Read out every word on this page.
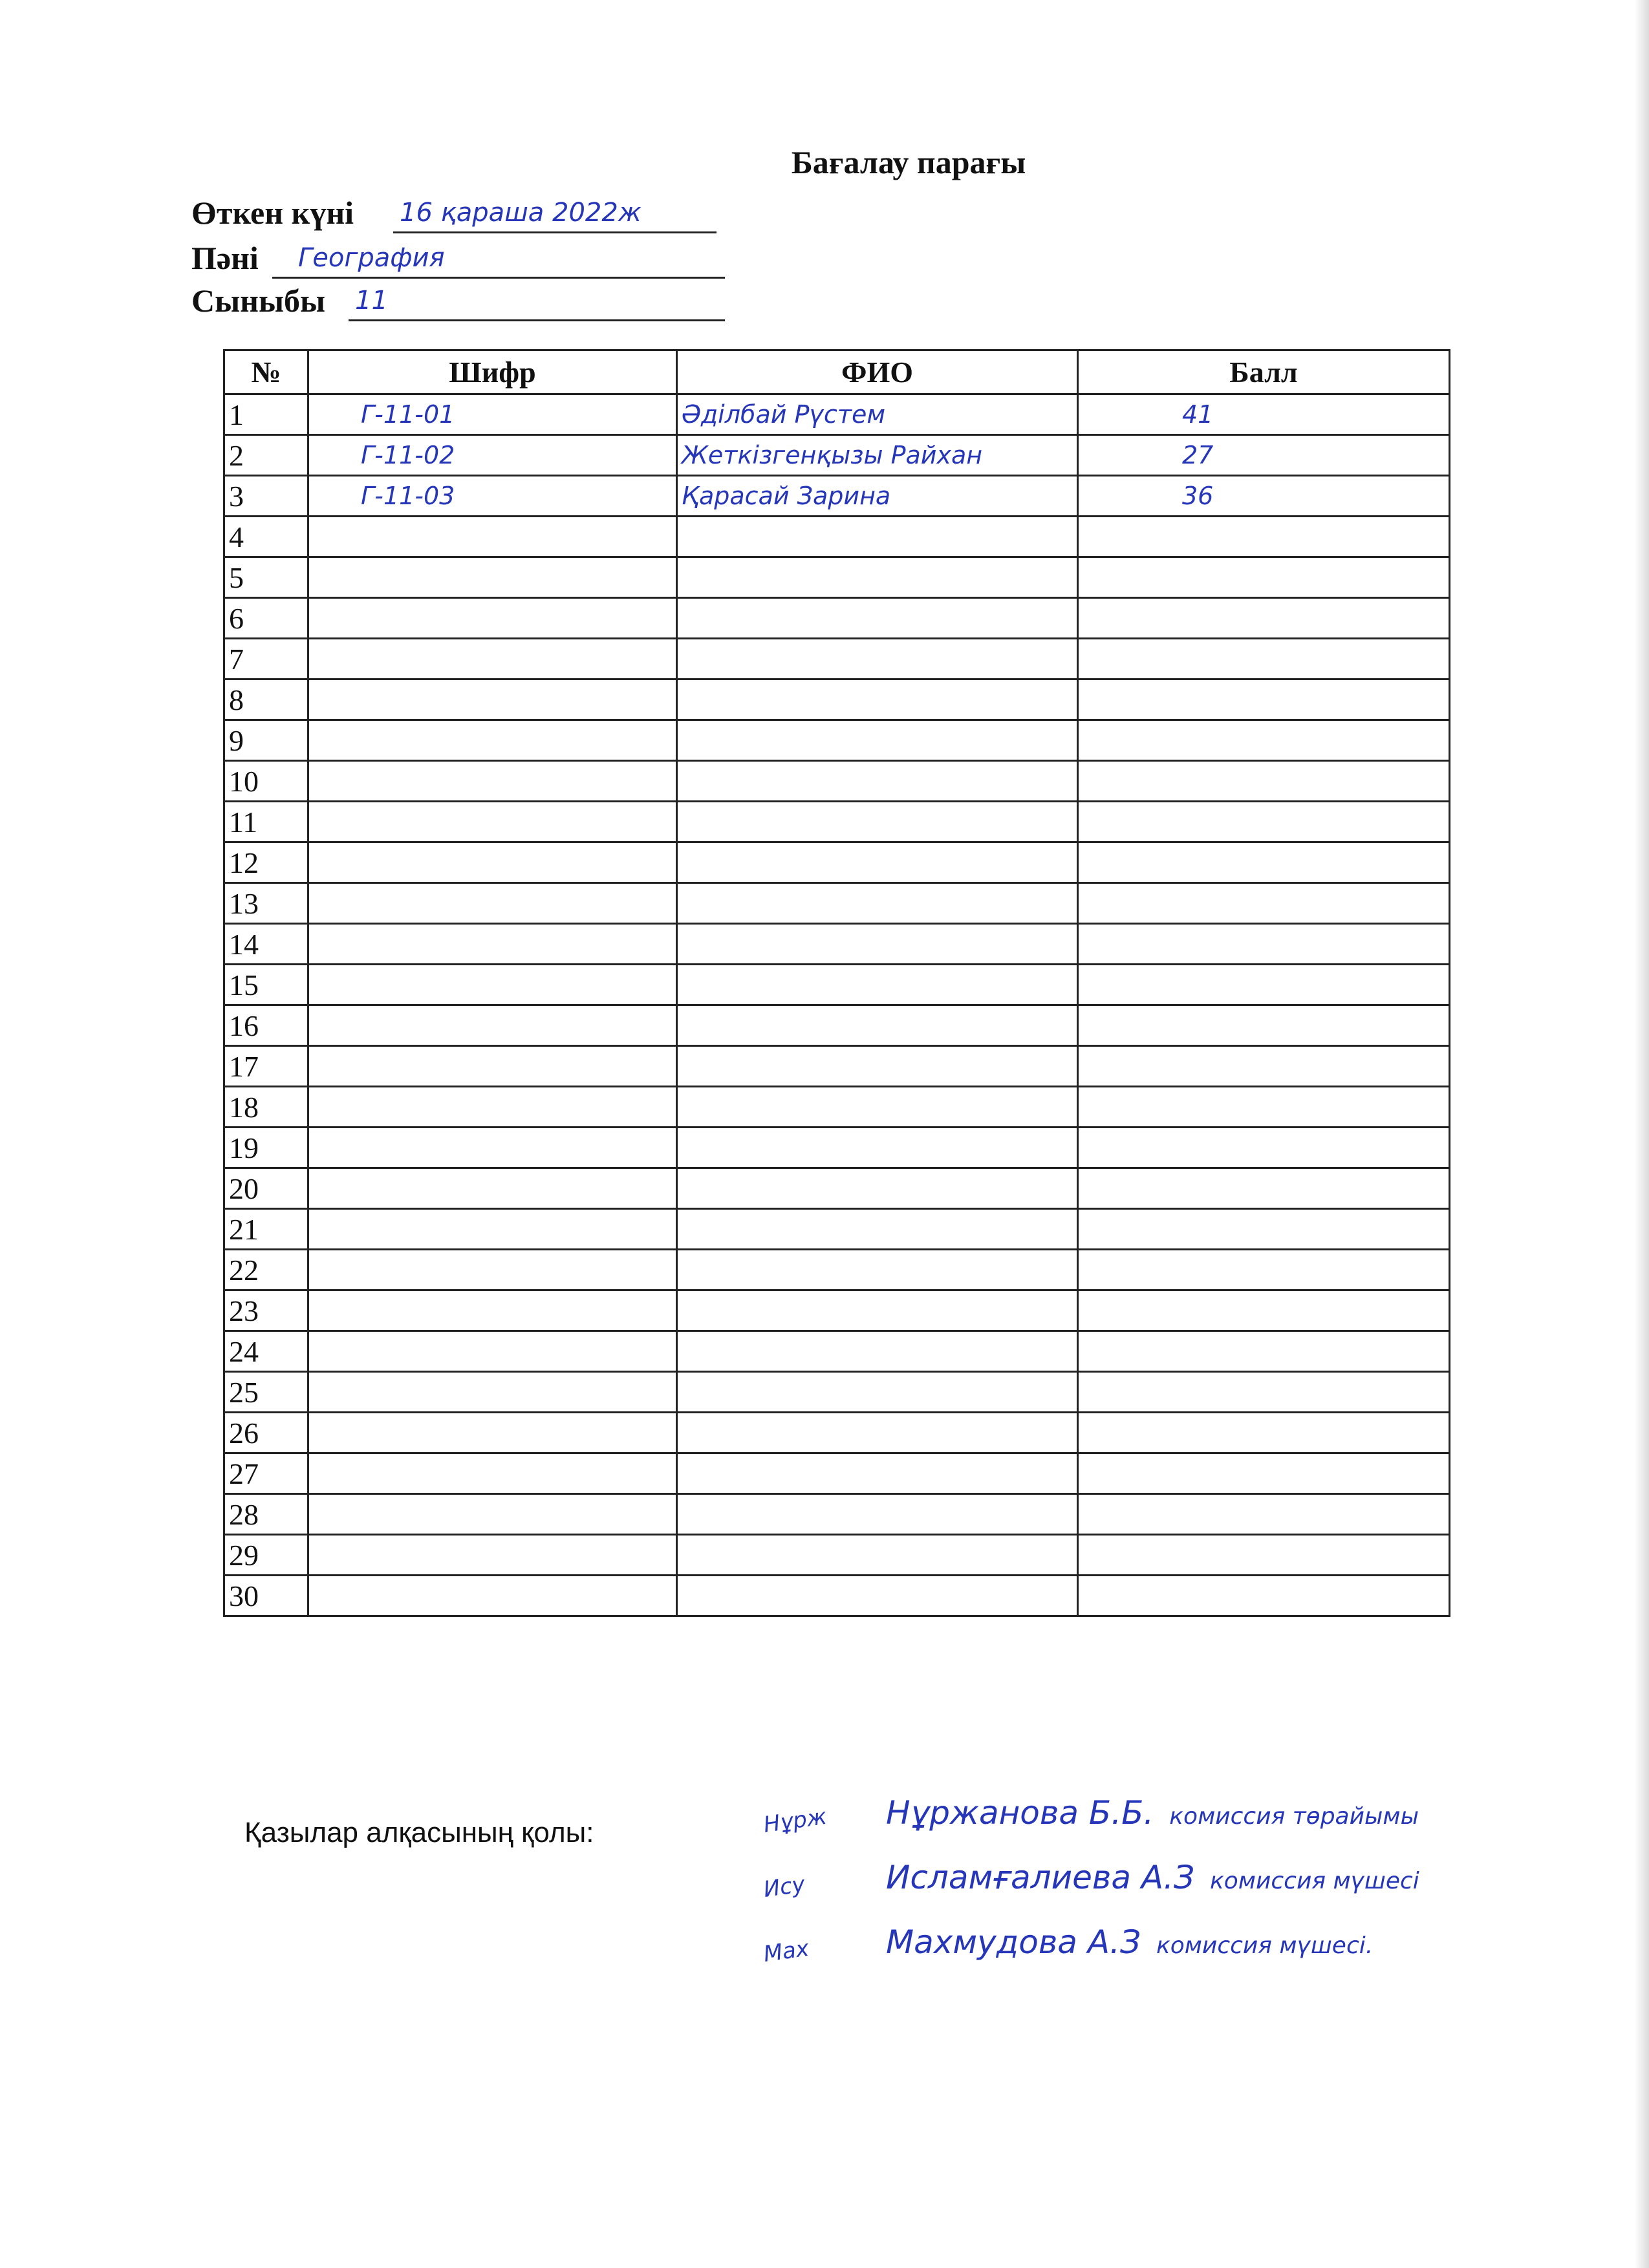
Бағалау парағы
Өткен күні 16 қараша 2022ж
Пәні География
Сыныбы 11
№	Шифр	ФИО	Балл
1	Г-11-01	Әділбай Рүстем	41
2	Г-11-02	Жеткізгенқызы Райхан	27
3	Г-11-03	Қарасай Зарина	36
4			
5			
6			
7			
8			
9			
10			
11			
12			
13			
14			
15			
16			
17			
18			
19			
20			
21			
22			
23			
24			
25			
26			
27			
28			
29			
30			
Қазылар алқасының қолы:	Нұрж	Нұржанова Б.Б. комиссия төрайымы
Ису	Исламғалиева А.З комиссия мүшесі
Мах	Махмудова А.З комиссия мүшесі.
